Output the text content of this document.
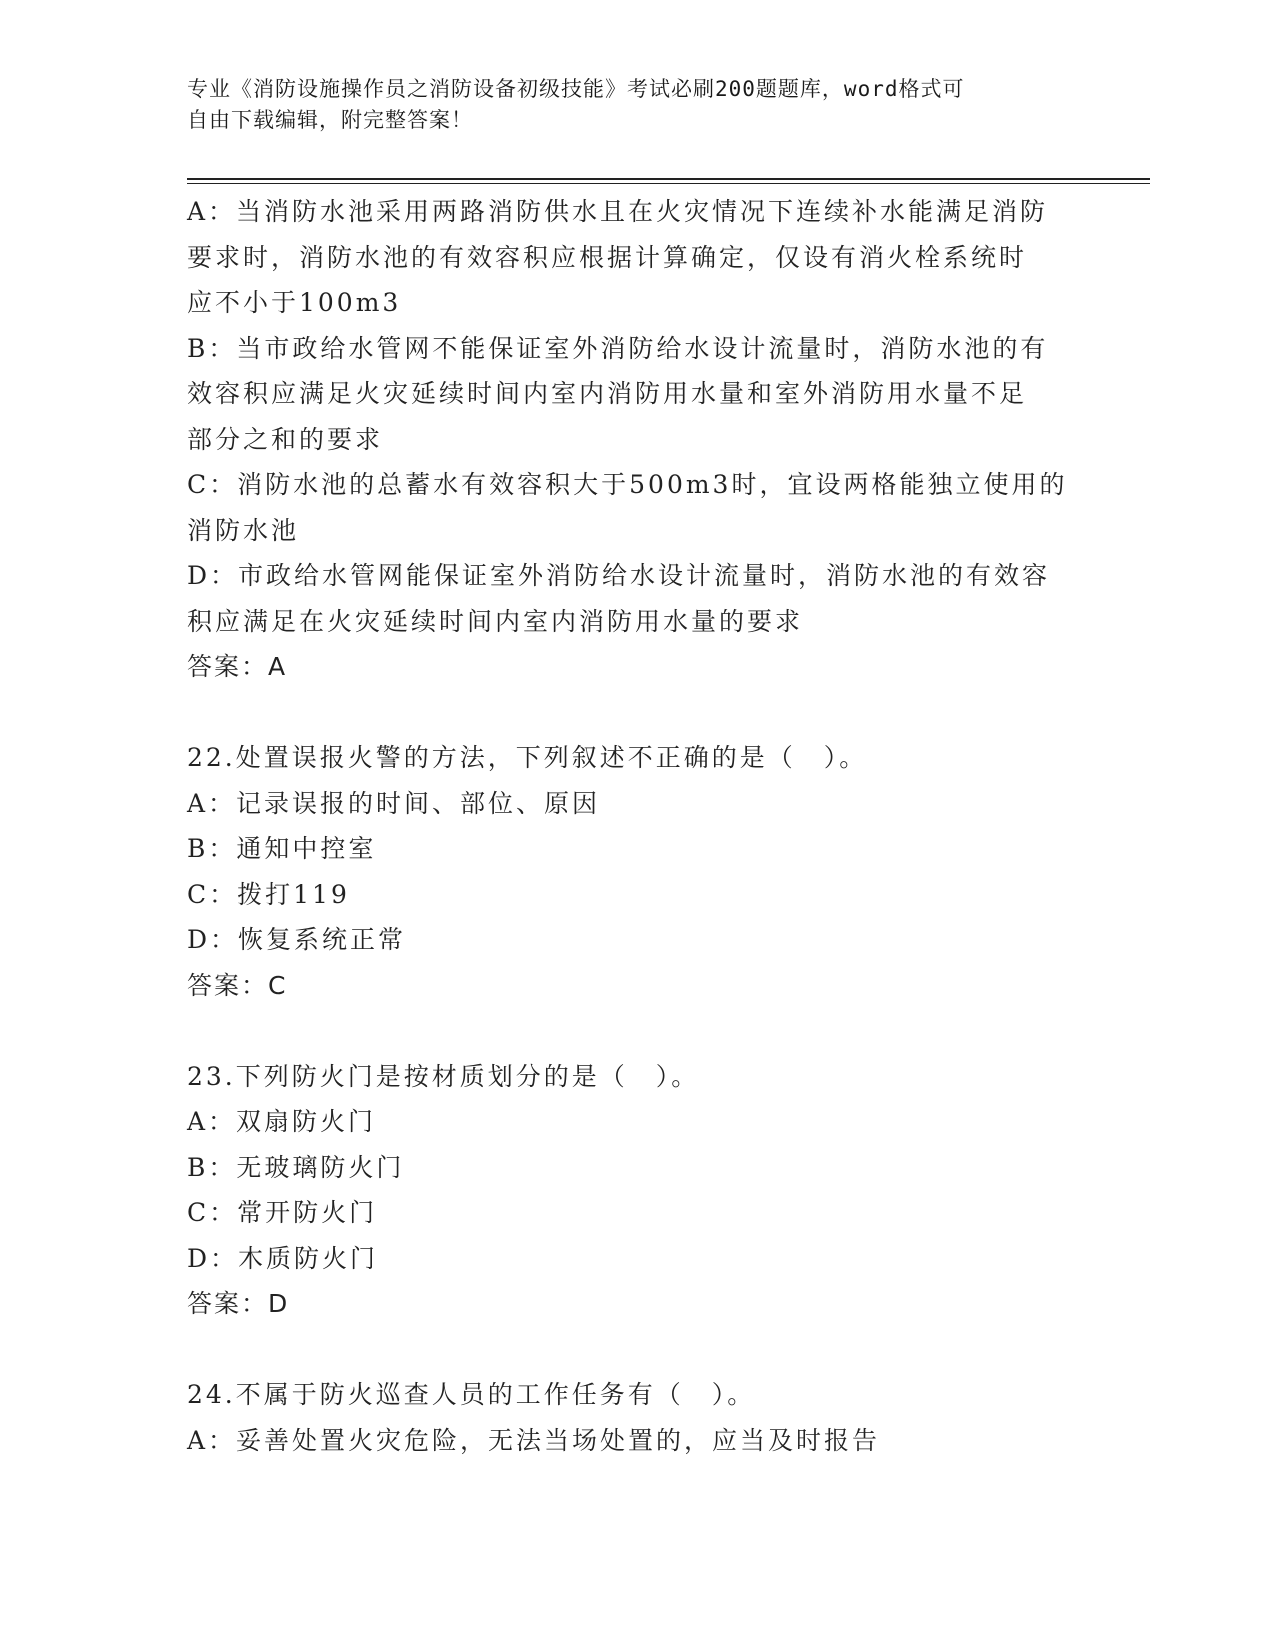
专业《消防设施操作员之消防设备初级技能》考试必刷200题题库，word格式可
自由下载编辑，附完整答案！
A：当消防水池采用两路消防供水且在火灾情况下连续补水能满足消防
要求时，消防水池的有效容积应根据计算确定，仅设有消火栓系统时
应不小于100m3
B：当市政给水管网不能保证室外消防给水设计流量时，消防水池的有
效容积应满足火灾延续时间内室内消防用水量和室外消防用水量不足
部分之和的要求
C：消防水池的总蓄水有效容积大于500m3时，宜设两格能独立使用的
消防水池
D：市政给水管网能保证室外消防给水设计流量时，消防水池的有效容
积应满足在火灾延续时间内室内消防用水量的要求
答案：A
22.处置误报火警的方法，下列叙述不正确的是（　）。
A：记录误报的时间、部位、原因
B：通知中控室
C：拨打119
D：恢复系统正常
答案：C
23.下列防火门是按材质划分的是（　）。
A：双扇防火门
B：无玻璃防火门
C：常开防火门
D：木质防火门
答案：D
24.不属于防火巡查人员的工作任务有（　）。
A：妥善处置火灾危险，无法当场处置的，应当及时报告
